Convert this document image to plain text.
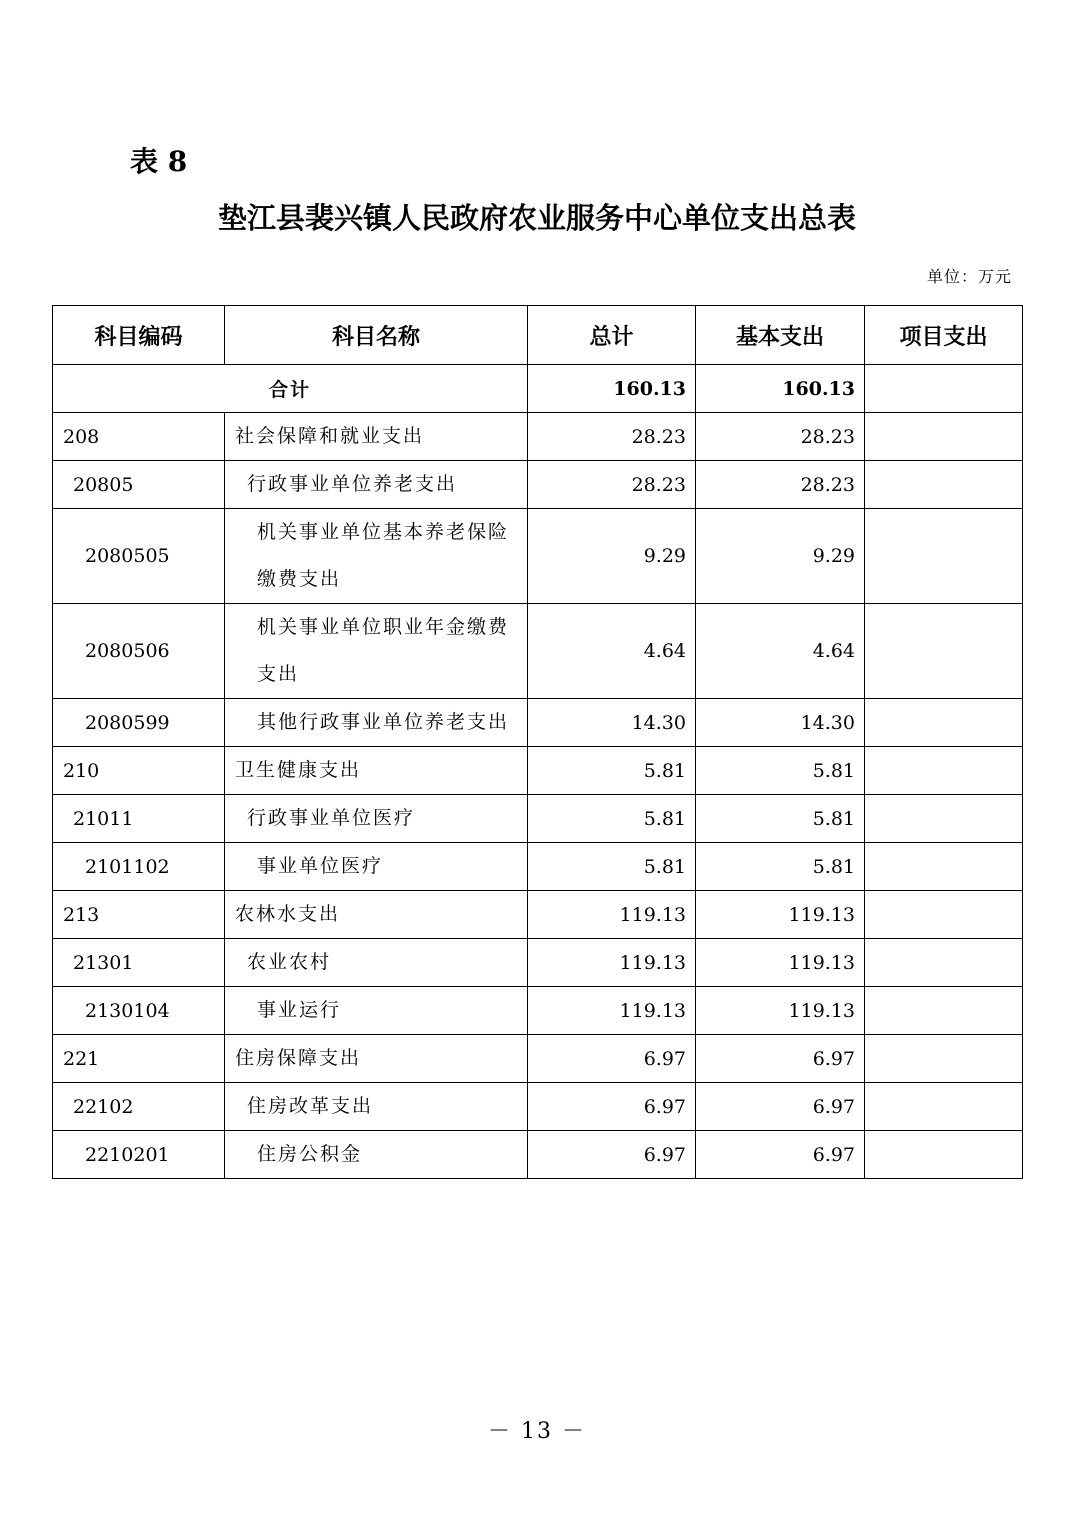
表 8
垫江县裴兴镇人民政府农业服务中心单位支出总表
单位：万元
科目编码	科目名称	总计	基本支出	项目支出
合计		160.13	160.13	
208	社会保障和就业支出	28.23	28.23	
20805	行政事业单位养老支出	28.23	28.23	
2080505	机关事业单位基本养老保险缴费支出	9.29	9.29	
2080506	机关事业单位职业年金缴费支出	4.64	4.64	
2080599	其他行政事业单位养老支出	14.30	14.30	
210	卫生健康支出	5.81	5.81	
21011	行政事业单位医疗	5.81	5.81	
2101102	事业单位医疗	5.81	5.81	
213	农林水支出	119.13	119.13	
21301	农业农村	119.13	119.13	
2130104	事业运行	119.13	119.13	
221	住房保障支出	6.97	6.97	
22102	住房改革支出	6.97	6.97	
2210201	住房公积金	6.97	6.97	
－ 13 －
